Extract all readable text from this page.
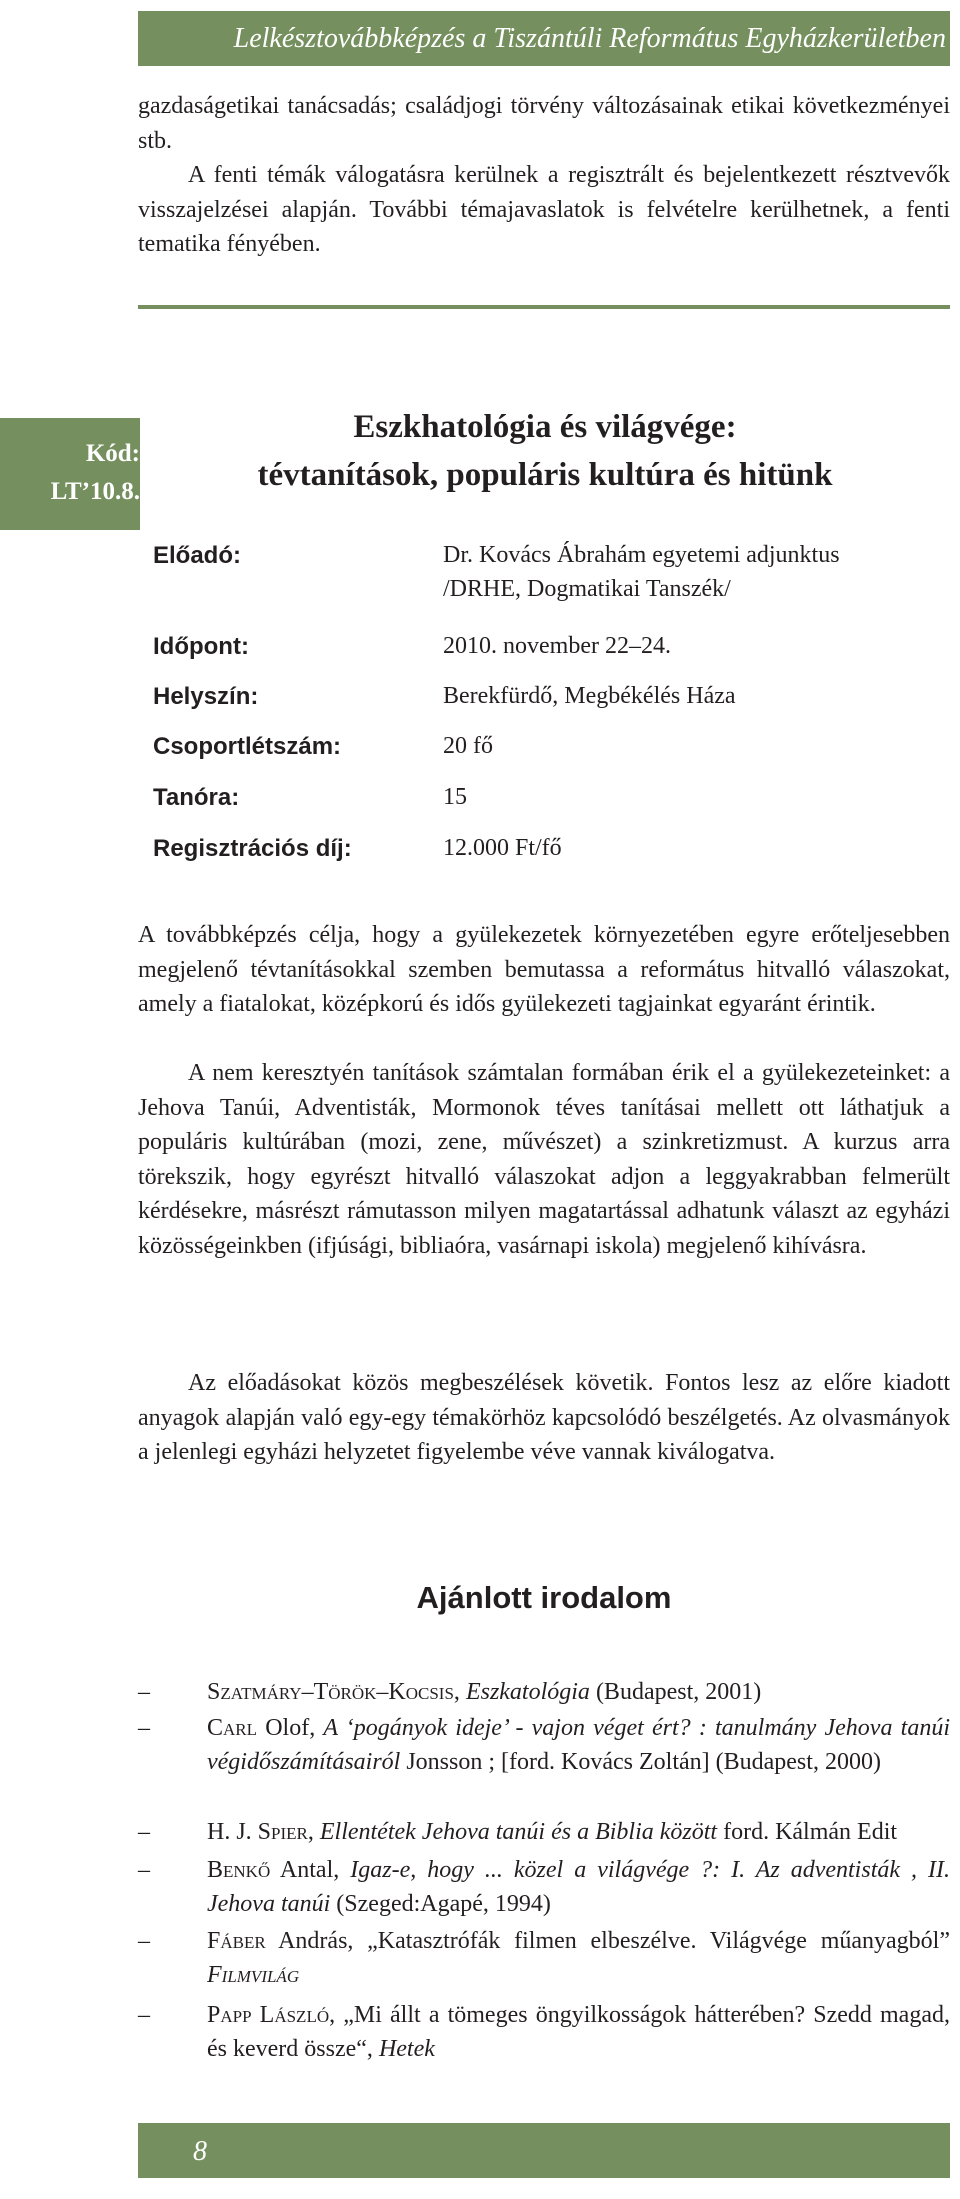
Lelkésztovábbképzés a Tiszántúli Református Egyházkerületben

gazdaságetikai tanácsadás; családjogi törvény változásainak etikai következményei stb.

A fenti témák válogatásra kerülnek a regisztrált és bejelentkezett résztvevők visszajelzései alapján. További témajavaslatok is felvételre kerülhetnek, a fenti tematika fényében.

Kód:
LT’10.8.
Eszkhatológia és világvége:
tévtanítások, populáris kultúra és hitünk
Előadó:	Dr. Kovács Ábrahám egyetemi adjunktus
/DRHE, Dogmatikai Tanszék/
Időpont:	2010. november 22–24.
Helyszín:	Berekfürdő, Megbékélés Háza
Csoportlétszám:	20 fő
Tanóra:	15
Regisztrációs díj:	12.000 Ft/fő

A továbbképzés célja, hogy a gyülekezetek környezetében egyre erőteljesebben megjelenő tévtanításokkal szemben bemutassa a református hitvalló válaszokat, amely a fiatalokat, középkorú és idős gyülekezeti tagjainkat egyaránt érintik.

A nem keresztyén tanítások számtalan formában érik el a gyülekezeteinket: a Jehova Tanúi, Adventisták, Mormonok téves tanításai mellett ott láthatjuk a populáris kultúrában (mozi, zene, művészet) a szinkretizmust. A kurzus arra törekszik, hogy egyrészt hitvalló válaszokat adjon a leggyakrabban felmerült kérdésekre, másrészt rámutasson milyen magatartással adhatunk választ az egyházi közösségeinkben (ifjúsági, bibliaóra, vasárnapi iskola) megjelenő kihívásra.

Az előadásokat közös megbeszélések követik. Fontos lesz az előre kiadott anyagok alapján való egy-egy témakörhöz kapcsolódó beszélgetés. Az olvasmányok a jelenlegi egyházi helyzetet figyelembe véve vannak kiválogatva.

Ajánlott irodalom
–	Szatmáry–Török–Kocsis, Eszkatológia (Budapest, 2001)
–	Carl Olof, A ‘pogányok ideje’ - vajon véget ért? : tanulmány Jehova tanúi végidőszámításairól Jonsson ; [ford. Kovács Zoltán] (Budapest, 2000)
–	H. J. Spier, Ellentétek Jehova tanúi és a Biblia között ford. Kálmán Edit
–	Benkő Antal, Igaz-e, hogy ... közel a világvége ?: I. Az adventisták , II. Jehova tanúi (Szeged:Agapé, 1994)
–	Fáber András, „Katasztrófák filmen elbeszélve. Világvége műanyagból” Filmvilág
–	Papp László, „Mi állt a tömeges öngyilkosságok hátterében? Szedd magad, és keverd össze“, Hetek
8
